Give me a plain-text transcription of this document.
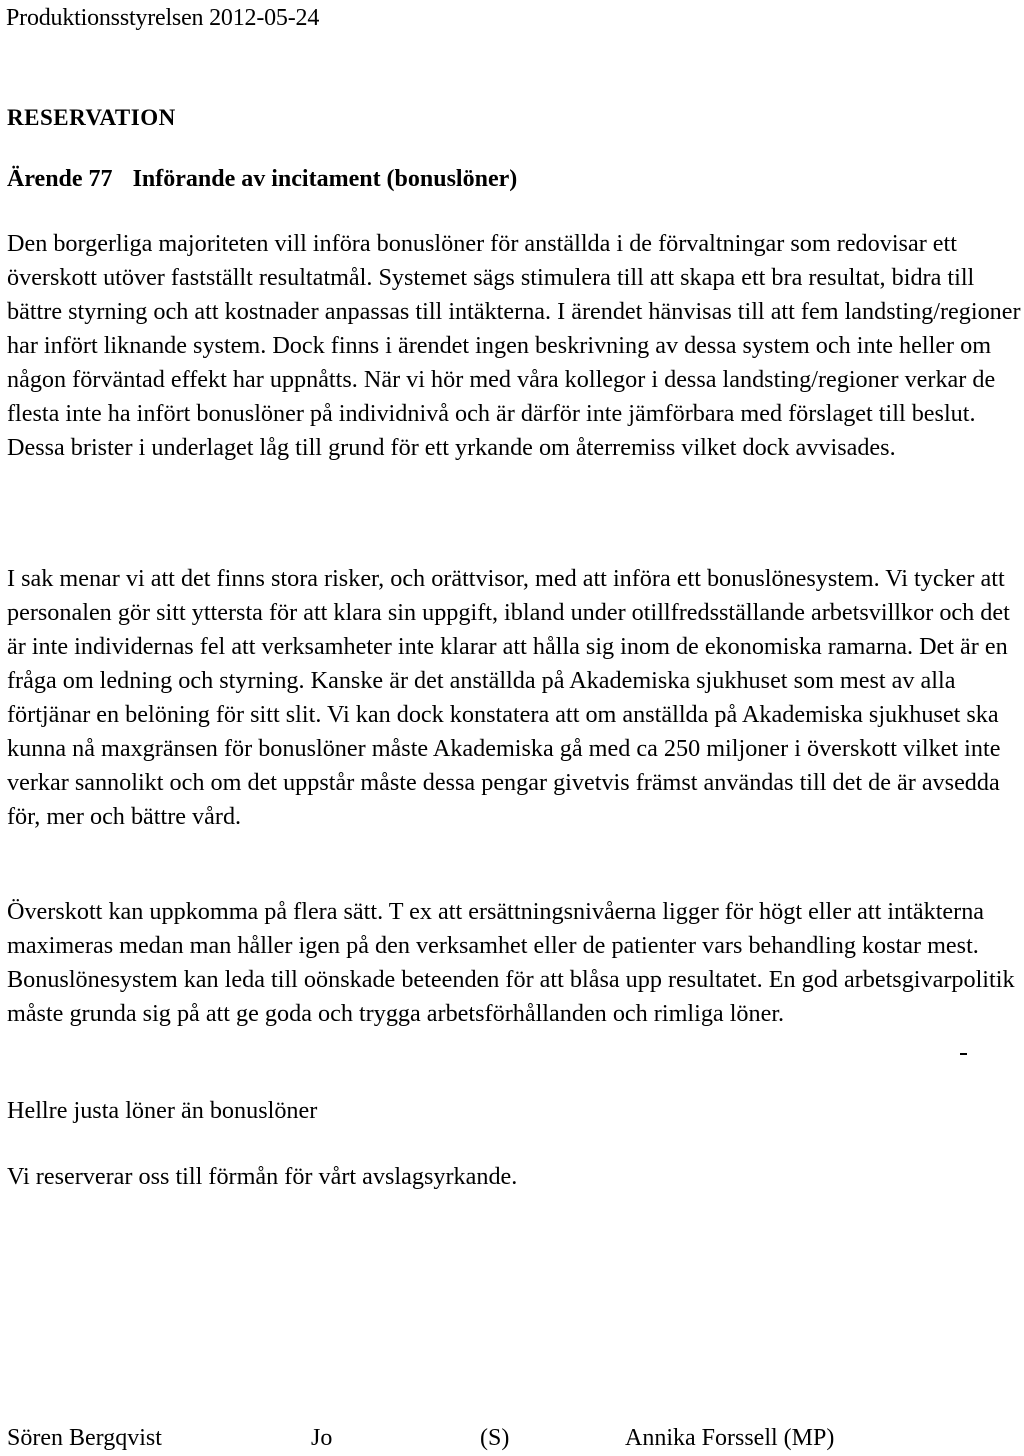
Produktionsstyrelsen 2012-05-24
RESERVATION
Ärende 77 Införande av incitament (bonuslöner)

Den borgerliga majoriteten vill införa bonuslöner för anställda i de förvaltningar som redovisar ett överskott utöver fastställt resultatmål. Systemet sägs stimulera till att skapa ett bra resultat, bidra till bättre styrning och att kostnader anpassas till intäkterna. I ärendet hänvisas till att fem landsting/regioner har infört liknande system. Dock finns i ärendet ingen beskrivning av dessa system och inte heller om någon förväntad effekt har uppnåtts. När vi hör med våra kollegor i dessa landsting/regioner verkar de flesta inte ha infört bonuslöner på individnivå och är därför inte jämförbara med förslaget till beslut. Dessa brister i underlaget låg till grund för ett yrkande om återremiss vilket dock avvisades.

I sak menar vi att det finns stora risker, och orättvisor, med att införa ett bonuslönesystem. Vi tycker att personalen gör sitt yttersta för att klara sin uppgift, ibland under otillfredsställande arbetsvillkor och det är inte individernas fel att verksamheter inte klarar att hålla sig inom de ekonomiska ramarna. Det är en fråga om ledning och styrning. Kanske är det anställda på Akademiska sjukhuset som mest av alla förtjänar en belöning för sitt slit. Vi kan dock konstatera att om anställda på Akademiska sjukhuset ska kunna nå maxgränsen för bonuslöner måste Akademiska gå med ca 250 miljoner i överskott vilket inte verkar sannolikt och om det uppstår måste dessa pengar givetvis främst användas till det de är avsedda för, mer och bättre vård.

Överskott kan uppkomma på flera sätt. T ex att ersättningsnivåerna ligger för högt eller att intäkterna maximeras medan man håller igen på den verksamhet eller de patienter vars behandling kostar mest. Bonuslönesystem kan leda till oönskade beteenden för att blåsa upp resultatet. En god arbetsgivarpolitik måste grunda sig på att ge goda och trygga arbetsförhållanden och rimliga löner.

Hellre justa löner än bonuslöner

Vi reserverar oss till förmån för vårt avslagsyrkande.

Sören Bergqvist	Jo	(S)	Annika Forssell (MP)
